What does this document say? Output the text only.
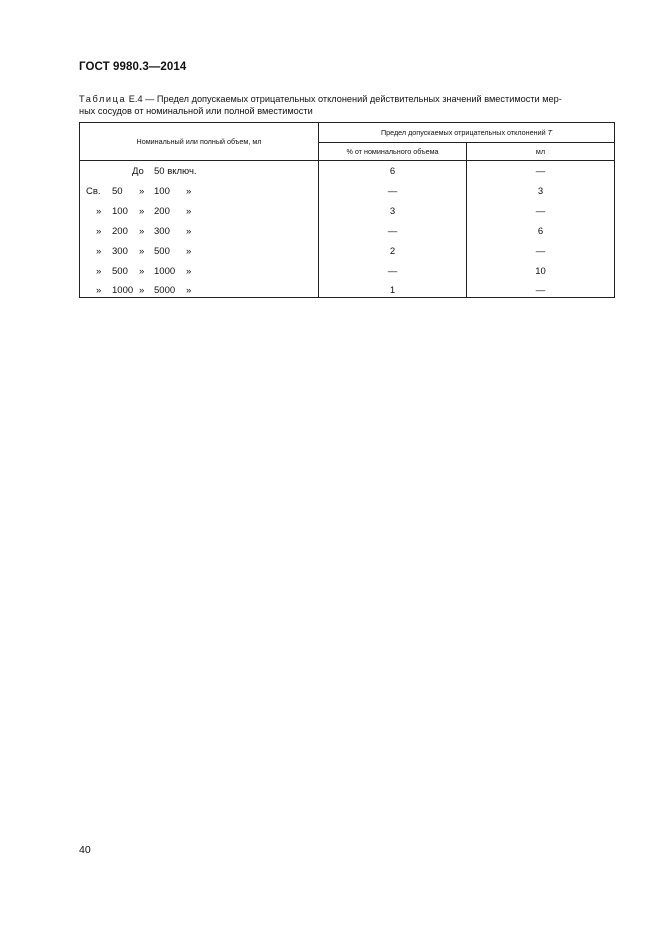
ГОСТ 9980.3—2014
Таблица Е.4 — Предел допускаемых отрицательных отклонений действительных значений вместимости мер-
ных сосудов от номинальной или полной вместимости
Номинальный или полный объем, мл
Предел допускаемых отрицательных отклонений T
% от номинального объема	мл
До 50 включ.	6	—
Св. 50 » 100 »	—	3
» 100 » 200 »	3	—
» 200 » 300 »	—	6
» 300 » 500 »	2	—
» 500 » 1000 »	—	10
» 1000 » 5000 »	1	—
40
